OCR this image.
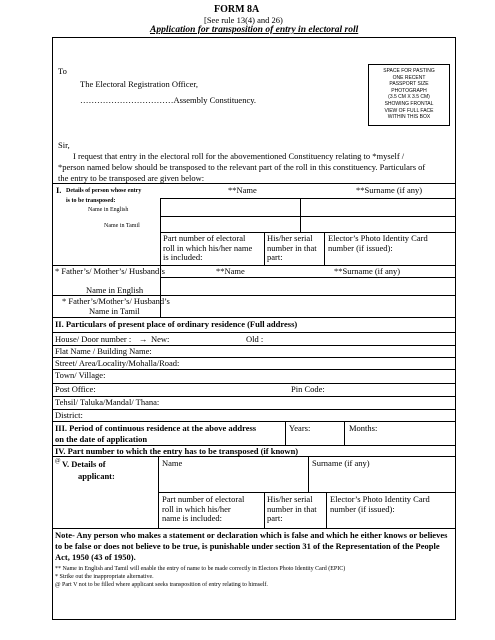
FORM 8A
[See rule 13(4) and 26)
Application for transposition of entry in electoral roll
To
The Electoral Registration Officer,
……………………………Assembly Constituency.
SPACE FOR PASTING
ONE RECENT
PASSPORT SIZE
PHOTOGRAPH
(3.5 CM X 3.5 CM)
SHOWING FRONTAL
VIEW OF FULL FACE
WITHIN THIS BOX
Sir,
I request that entry in the electoral roll for the abovementioned Constituency relating to *myself /
*person named below should be transposed to the relevant part of the roll in this constituency. Particulars of
the entry to be transposed are given below:
I. Details of person whose entry
is to be transposed:
**Name	**Surname (if any)
Name in English
Name in Tamil
Part number of electoral
roll in which his/her name
is included:
His/her serial
number in that
part:
Elector’s Photo Identity Card
number (if issued):
* Father’s/ Mother’s/ Husband’s	**Name	**Surname (if any)
Name in English
* Father’s/Mother’s/ Husband’s
Name in Tamil
II. Particulars of present place of ordinary residence (Full address)
House/ Door number : → New:	Old :
Flat Name / Building Name:
Street/ Area/Locality/Mohalla/Road:
Town/ Village:
Post Office:	Pin Code:
Tehsil/ Taluka/Mandal/ Thana:
District:
III. Period of continuous residence at the above address
on the date of application
Years:	Months:
IV. Part number to which the entry has to be transposed (if known)
@ V. Details of
applicant:
Name	Surname (if any)
Part number of electoral
roll in which his/her
name is included:
His/her serial
number in that
part:
Elector’s Photo Identity Card
number (if issued):
Note- Any person who makes a statement or declaration which is false and which he either knows or believes to be false or does not believe to be true, is punishable under section 31 of the Representation of the People Act, 1950 (43 of 1950).
** Name in English and Tamil will enable the entry of name to be made correctly in Electors Photo Identity Card (EPIC)
* Strike out the inappropriate alternative.
@ Part V not to be filled where applicant seeks transposition of entry relating to himself.
